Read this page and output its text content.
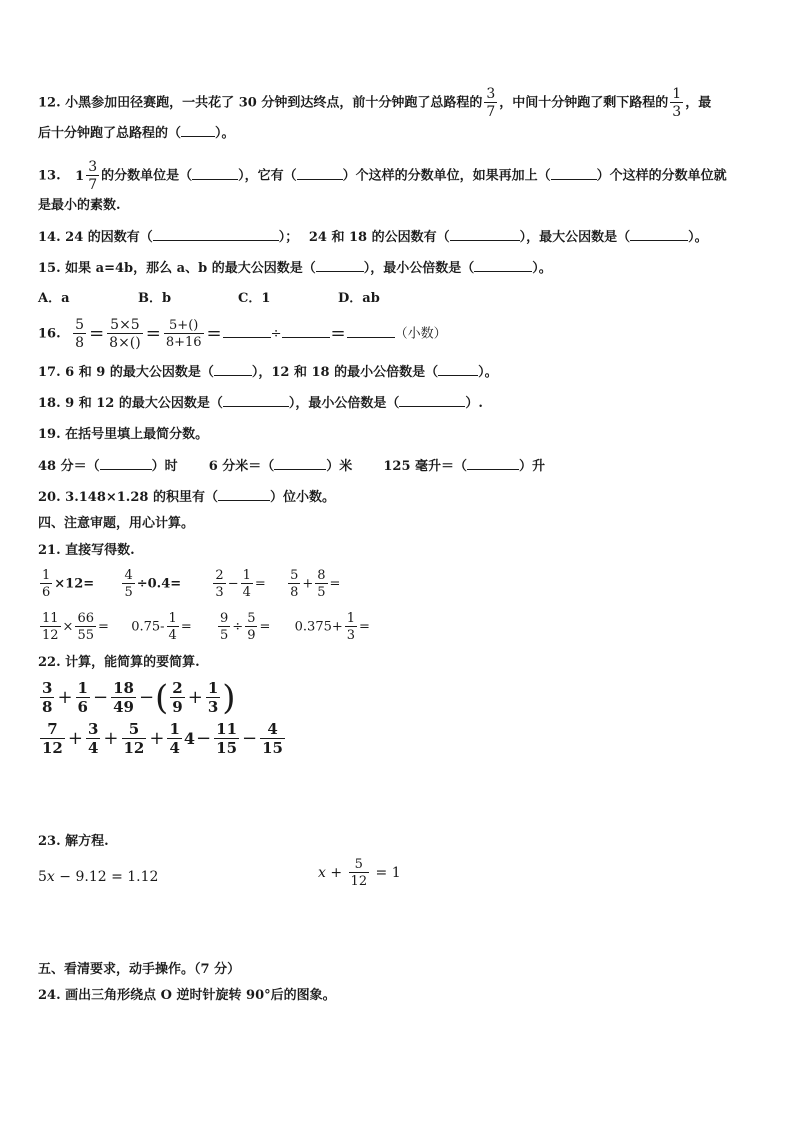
12. 小黑参加田径赛跑，一共花了 30 分钟到达终点，前十分钟跑了总路程的 $\frac{3}{7}$ ，中间十分钟跑了剩下路程的 $\frac{1}{3}$ ，最
后十分钟跑了总路程的（	）。
13. $1 \frac{3}{7}$ 的分数单位是（	），它有（	）个这样的分数单位，如果再加上（	）个这样的分数单位就
是最小的素数.
14. 24 的因数有（	）； 24 和 18 的公因数有（	），最大公因数是（	）。
15. 如果 a=4b，那么 a、b 的最大公因数是（	），最小公倍数是（	）。
A．a	B．b	C．1	D．ab
16. $\frac{5}{8} = \frac{5\times 5}{8\times()} = \frac{5+()}{8+16}$ =	÷	=	（小数）
17. 6 和 9 的最大公因数是（	），12 和 18 的最小公倍数是（	）。
18. 9 和 12 的最大公因数是（	），最小公倍数是（	）.
19. 在括号里填上最简分数。
48 分＝（	）时 6 分米＝（	）米 125 毫升＝（	）升
20. 3.148×1.28 的积里有（	）位小数。
四、注意审题，用心计算。
21. 直接写得数.
$\frac{1}{6} \times 12= \frac{4}{5} \div 0.4= \frac{2}{3} - \frac{1}{4} = \frac{5}{8} + \frac{8}{5}$ =
$\frac{11}{12} \times \frac{66}{55} = 0.75- \frac{1}{4} = \frac{9}{5} \div \frac{5}{9} = 0.375+ \frac{1}{3}$ =
22. 计算，能简算的要简算.
$\frac{3}{8} + \frac{1}{6} - \frac{18}{49}$ −( $\frac{2}{9} + \frac{1}{3}$ )
$\frac{7}{12} + \frac{3}{4} + \frac{5}{12} + \frac{1}{4} 4- \frac{11}{15} - \frac{4}{15}$
23. 解方程.
5x − 9.12 = 1.12	$x + \frac{5}{12} = 1$
五、看清要求，动手操作。（7 分）
24. 画出三角形绕点 O 逆时针旋转 90°后的图象。
